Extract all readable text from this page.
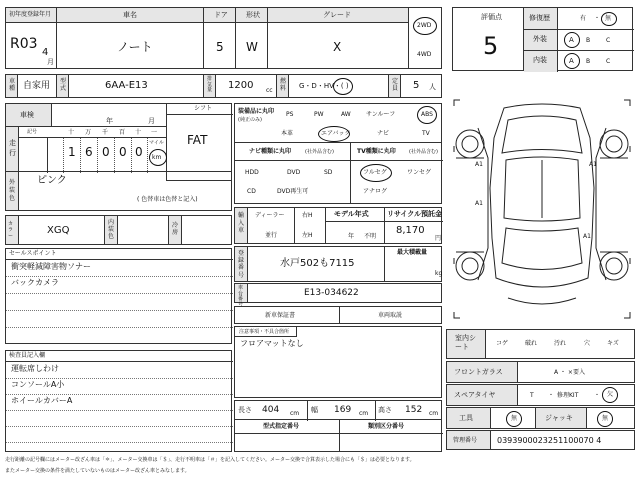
初年度登録年月
R03
4
月
車名
ノート
ドア
5
形状
W
グレード
X
2WD
4WD
車種 自家用 型式	6AA-E13
排気量 1200 cc
燃料 G・D・HV・( )
定員 5 人
車検
年	月
シフト
FAT
走行
記号	十 万 千 百 十 一
1 6 0 0 0
マイル
km
外装色
ピンク
( 色替車は色替と記入)
カラー	XGQ
内装色
冷房
セールスポイント
衝突軽減障害物ソナー
バックカメラ
検査員記入欄
運転席しわけ
コンソールA小
ホイールカバーA
装備品に丸印
(純正のみ)
PS	PW	AW	サンルーフ	ABS
本革	エアバック	ナビ	TV
ナビ種類に丸印	(社外品含む)
HDD	DVD	SD
CD	DVD再生可
TV種類に丸印	(社外品含む)
フルセグ	ワンセグ
アナログ
輸入車
ディーラー
並行
右H
左H
モデル年式
年 不明
リサイクル預託金
8,170
円
登録番号
水戸502も7115
最大積載量
kg
車台番号
E13-034622
新車保証書	車両取説
注意事項・不具合箇所
フロアマットなし
長さ 404 cm 幅 169 cm 高さ 152 cm
型式指定番号	類別区分番号
評価点
5
修復歴	有 ・ 無
外装	A B	C
内装	A B	C
A1
A1
A1
A1
室内シート	コゲ	破れ	汚れ	穴	キズ
フロントガラス	A ・ ×要入
スペアタイヤ	T ・ 修理KIT	・ 欠
工具	無	ジャッキ	無
管理番号 0393900023251100070 4
走行距離の記号欄にはメーター改ざん車は「＊」、メーター交換車は「＄」、走行不明車は「＃」を記入してください。メーター交換で合算表示した場合にも「＄」は必要となります。
またメーター交換の条件を満たしていないものはメーター改ざん車とみなします。
